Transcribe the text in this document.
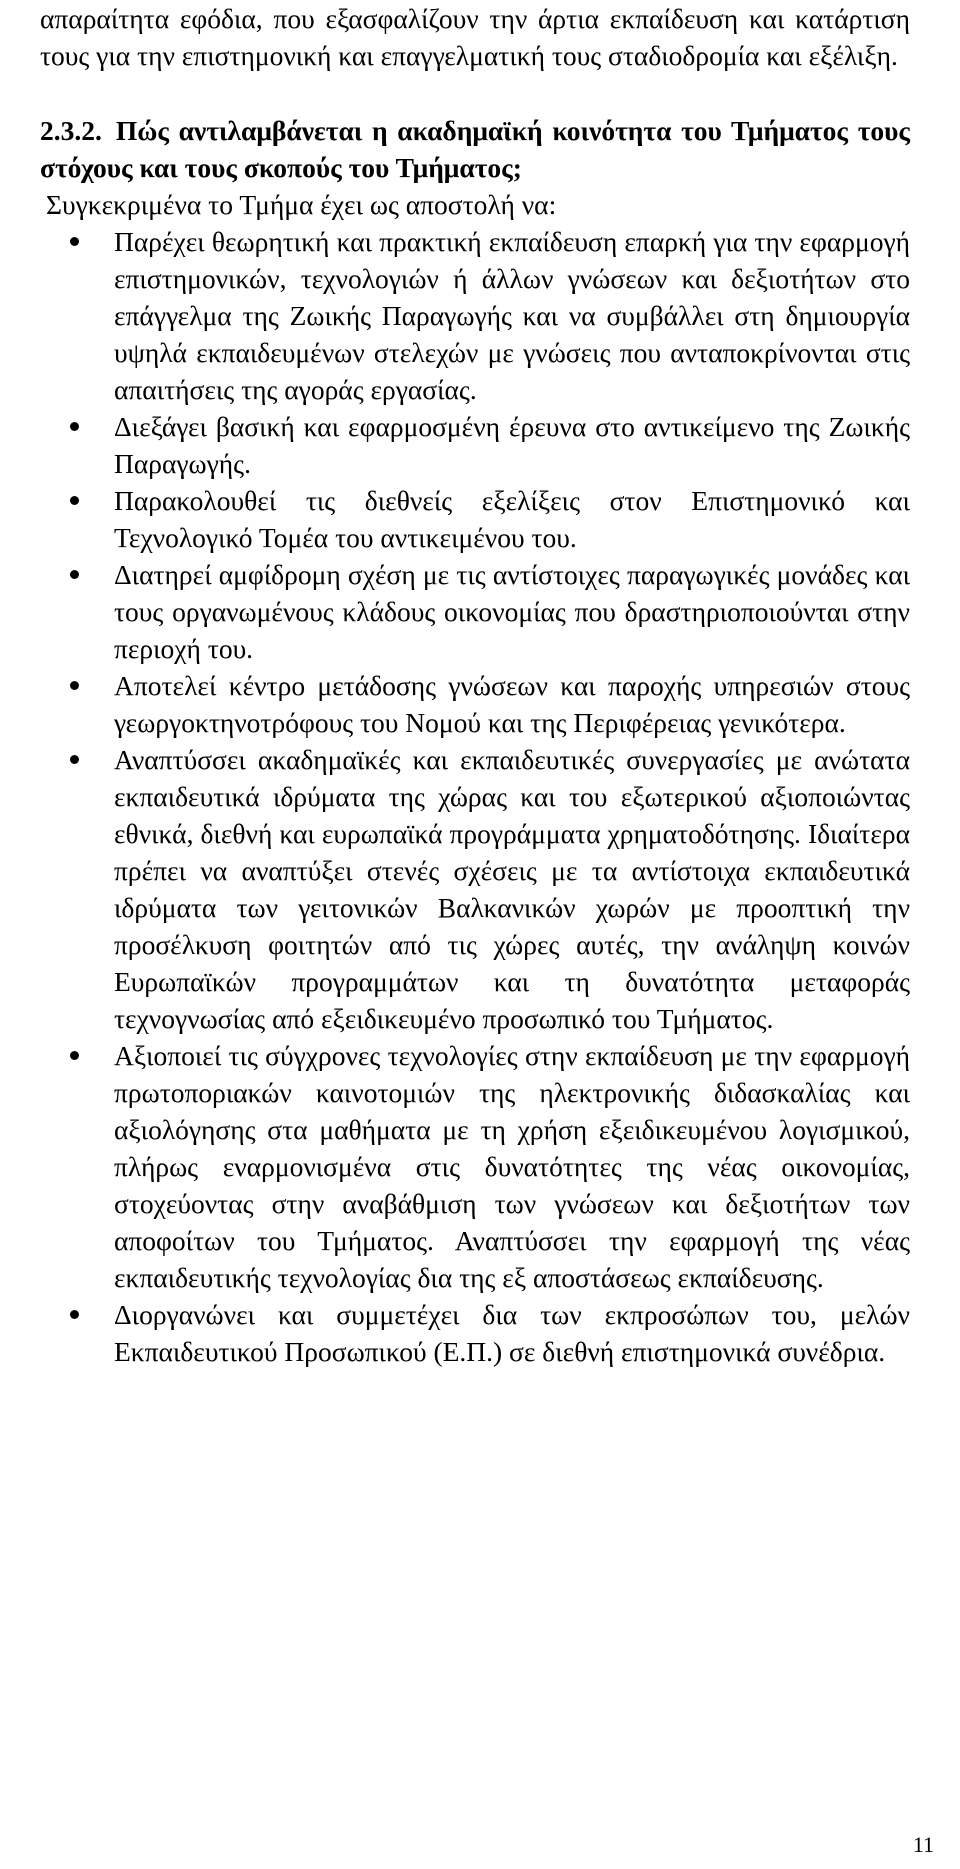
απαραίτητα εφόδια, που εξασφαλίζουν την άρτια εκπαίδευση και κατάρτιση τους για την επιστημονική και επαγγελματική τους σταδιοδρομία και εξέλιξη.

2.3.2. Πώς αντιλαμβάνεται η ακαδημαϊκή κοινότητα του Τμήματος τους στόχους και τους σκοπούς του Τμήματος;

Συγκεκριμένα το Τμήμα έχει ως αποστολή να:

Παρέχει θεωρητική και πρακτική εκπαίδευση επαρκή για την εφαρμογή επιστημονικών, τεχνολογιών ή άλλων γνώσεων και δεξιοτήτων στο επάγγελμα της Ζωικής Παραγωγής και να συμβάλλει στη δημιουργία υψηλά εκπαιδευμένων στελεχών με γνώσεις που ανταποκρίνονται στις απαιτήσεις της αγοράς εργασίας.
Διεξάγει βασική και εφαρμοσμένη έρευνα στο αντικείμενο της Ζωικής Παραγωγής.
Παρακολουθεί τις διεθνείς εξελίξεις στον Επιστημονικό και Τεχνολογικό Τομέα του αντικειμένου του.
Διατηρεί αμφίδρομη σχέση με τις αντίστοιχες παραγωγικές μονάδες και τους οργανωμένους κλάδους οικονομίας που δραστηριοποιούνται στην περιοχή του.
Αποτελεί κέντρο μετάδοσης γνώσεων και παροχής υπηρεσιών στους γεωργοκτηνοτρόφους του Νομού και της Περιφέρειας γενικότερα.
Αναπτύσσει ακαδημαϊκές και εκπαιδευτικές συνεργασίες με ανώτατα εκπαιδευτικά ιδρύματα της χώρας και του εξωτερικού αξιοποιώντας εθνικά, διεθνή και ευρωπαϊκά προγράμματα χρηματοδότησης. Ιδιαίτερα πρέπει να αναπτύξει στενές σχέσεις με τα αντίστοιχα εκπαιδευτικά ιδρύματα των γειτονικών Βαλκανικών χωρών με προοπτική την προσέλκυση φοιτητών από τις χώρες αυτές, την ανάληψη κοινών Ευρωπαϊκών προγραμμάτων και τη δυνατότητα μεταφοράς τεχνογνωσίας από εξειδικευμένο προσωπικό του Τμήματος.
Αξιοποιεί τις σύγχρονες τεχνολογίες στην εκπαίδευση με την εφαρμογή πρωτοποριακών καινοτομιών της ηλεκτρονικής διδασκαλίας και αξιολόγησης στα μαθήματα με τη χρήση εξειδικευμένου λογισμικού, πλήρως εναρμονισμένα στις δυνατότητες της νέας οικονομίας, στοχεύοντας στην αναβάθμιση των γνώσεων και δεξιοτήτων των αποφοίτων του Τμήματος. Αναπτύσσει την εφαρμογή της νέας εκπαιδευτικής τεχνολογίας δια της εξ αποστάσεως εκπαίδευσης.
Διοργανώνει και συμμετέχει δια των εκπροσώπων του, μελών Εκπαιδευτικού Προσωπικού (Ε.Π.) σε διεθνή επιστημονικά συνέδρια.
11
